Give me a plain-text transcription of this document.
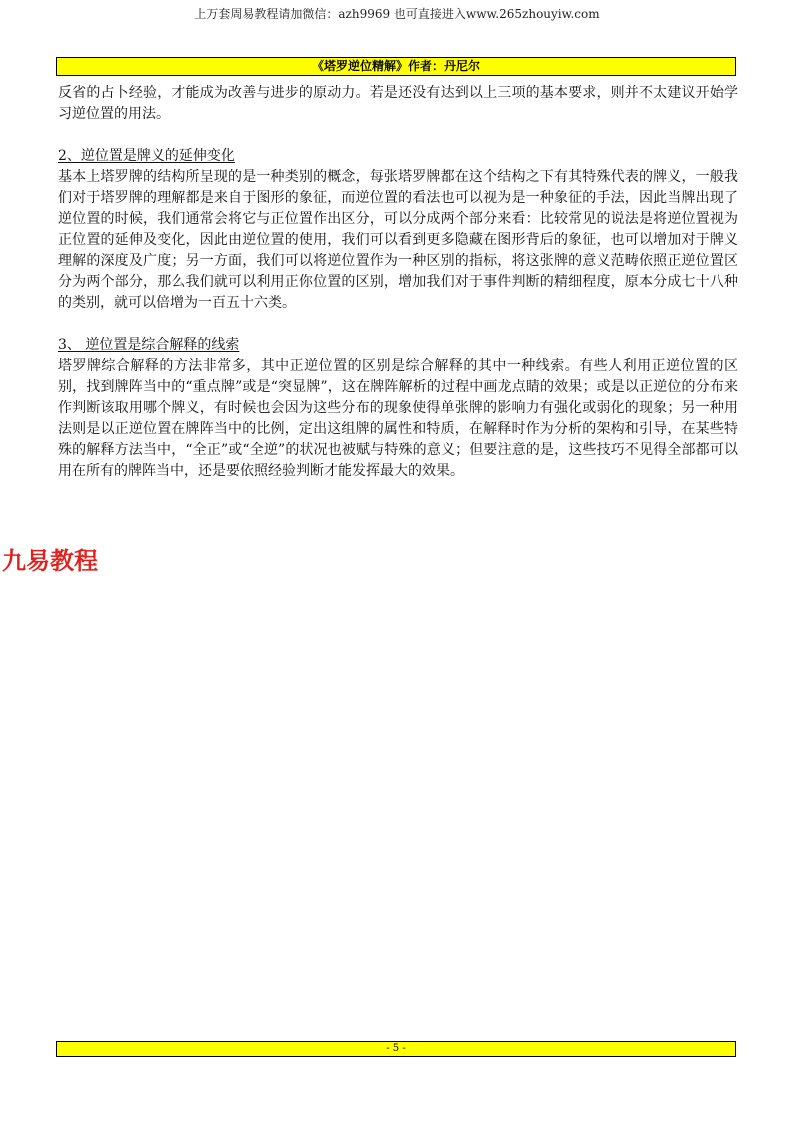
上万套周易教程请加微信：azh9969 也可直接进入www.265zhouyiw.com
《塔罗逆位精解》作者：丹尼尔

反省的占卜经验，才能成为改善与进步的原动力。若是还没有达到以上三项的基本要求，则并不太建议开始学习逆位置的用法。

2、逆位置是牌义的延伸变化

基本上塔罗牌的结构所呈现的是一种类别的概念，每张塔罗牌都在这个结构之下有其特殊代表的牌义，一般我们对于塔罗牌的理解都是来自于图形的象征，而逆位置的看法也可以视为是一种象征的手法，因此当牌出现了逆位置的时候，我们通常会将它与正位置作出区分，可以分成两个部分来看：比较常见的说法是将逆位置视为正位置的延伸及变化，因此由逆位置的使用，我们可以看到更多隐藏在图形背后的象征，也可以增加对于牌义理解的深度及广度；另一方面，我们可以将逆位置作为一种区别的指标，将这张牌的意义范畴依照正逆位置区分为两个部分，那么我们就可以利用正你位置的区别，增加我们对于事件判断的精细程度，原本分成七十八种的类别，就可以倍增为一百五十六类。

3、 逆位置是综合解释的线索

塔罗牌综合解释的方法非常多，其中正逆位置的区别是综合解释的其中一种线索。有些人利用正逆位置的区别，找到牌阵当中的“重点牌”或是“突显牌”，这在牌阵解析的过程中画龙点睛的效果；或是以正逆位的分布来作判断该取用哪个牌义，有时候也会因为这些分布的现象使得单张牌的影响力有强化或弱化的现象；另一种用法则是以正逆位置在牌阵当中的比例，定出这组牌的属性和特质，在解释时作为分析的架构和引导，在某些特殊的解释方法当中，“全正”或“全逆”的状况也被赋与特殊的意义；但要注意的是，这些技巧不见得全部都可以用在所有的牌阵当中，还是要依照经验判断才能发挥最大的效果。

九易教程
- 5 -
